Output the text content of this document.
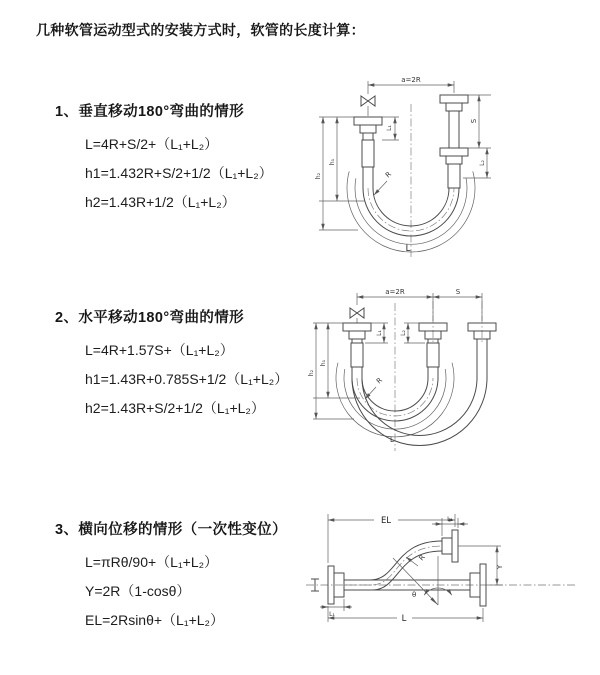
几种软管运动型式的安装方式时，软管的长度计算：
1、垂直移动180°弯曲的情形
L=4R+S/2+（L₁+L₂）
h1=1.432R+S/2+1/2（L₁+L₂）
h2=1.43R+1/2（L₁+L₂）
2、水平移动180°弯曲的情形
L=4R+1.57S+（L₁+L₂）
h1=1.43R+0.785S+1/2（L₁+L₂）
h2=1.43R+S/2+1/2（L₁+L₂）
3、横向位移的情形（一次性变位）
L=πRθ/90+（L₁+L₂）
Y=2R（1-cosθ）
EL=2Rsinθ+（L₁+L₂）
a=2R
R
L₁
S
L₂
h₁
h₂
L
a=2R	S
R
L₁	L₂
h₁
h₂
L
EL	L₁
Y
R
θ
L
L₁
